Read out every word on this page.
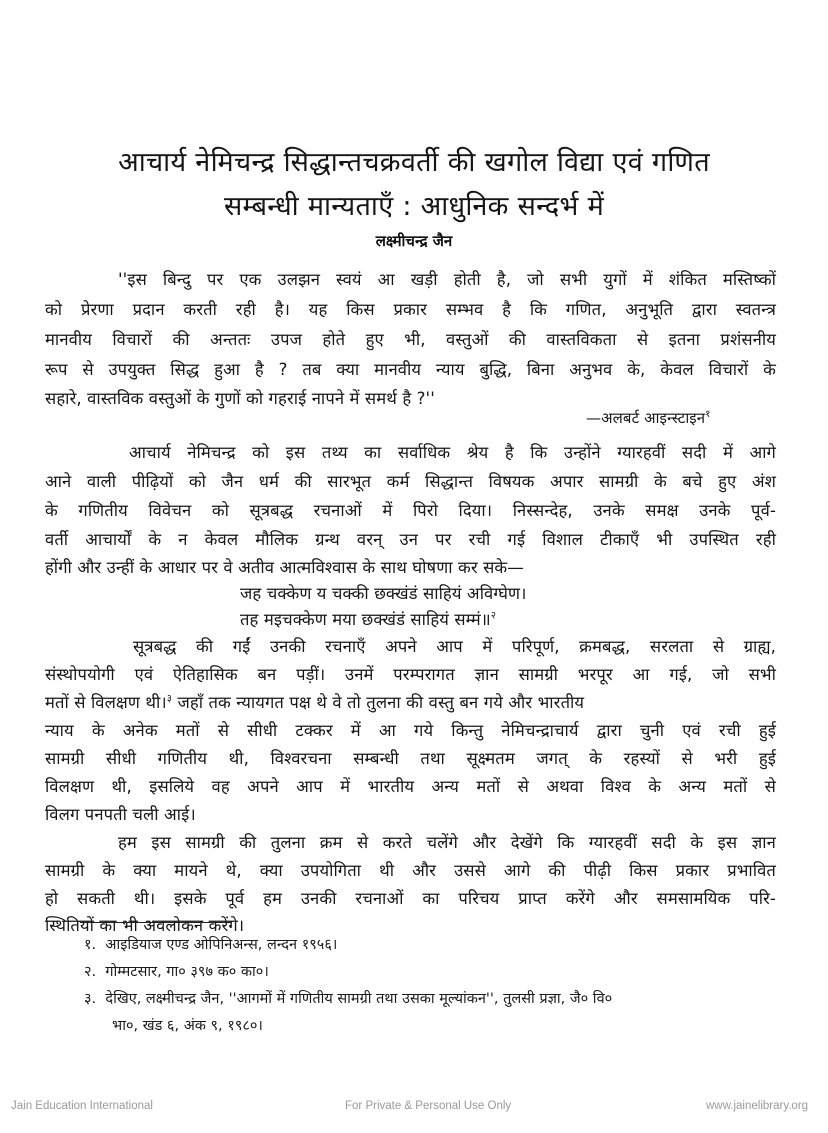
आचार्य नेमिचन्द्र सिद्धान्तचक्रवर्ती की खगोल विद्या एवं गणित
सम्बन्धी मान्यताएँ : आधुनिक सन्दर्भ में
लक्ष्मीचन्द्र जैन
''इस बिन्दु पर एक उलझन स्वयं आ खड़ी होती है, जो सभी युगों में शंकित मस्तिष्कों
को प्रेरणा प्रदान करती रही है। यह किस प्रकार सम्भव है कि गणित, अनुभूति द्वारा स्वतन्त्र
मानवीय विचारों की अन्ततः उपज होते हुए भी, वस्तुओं की वास्तविकता से इतना प्रशंसनीय
रूप से उपयुक्त सिद्ध हुआ है ? तब क्या मानवीय न्याय बुद्धि, बिना अनुभव के, केवल विचारों के
सहारे, वास्तविक वस्तुओं के गुणों को गहराई नापने में समर्थ है ?''
—अलबर्ट आइन्स्टाइन$^१$
आचार्य नेमिचन्द्र को इस तथ्य का सर्वाधिक श्रेय है कि उन्होंने ग्यारहवीं सदी में आगे
आने वाली पीढ़ियों को जैन धर्म की सारभूत कर्म सिद्धान्त विषयक अपार सामग्री के बचे हुए अंश
के गणितीय विवेचन को सूत्रबद्ध रचनाओं में पिरो दिया। निस्सन्देह, उनके समक्ष उनके पूर्व-
वर्ती आचार्यों के न केवल मौलिक ग्रन्थ वरन् उन पर रची गई विशाल टीकाएँ भी उपस्थित रही
होंगी और उन्हीं के आधार पर वे अतीव आत्मविश्वास के साथ घोषणा कर सके—
जह चक्केण य चक्की छक्खंडं साहियं अविग्घेण।
तह मइचक्केण मया छक्खंडं साहियं सम्मं॥$^२$
सूत्रबद्ध की गईं उनकी रचनाएँ अपने आप में परिपूर्ण, क्रमबद्ध, सरलता से ग्राह्य,
संस्थोपयोगी एवं ऐतिहासिक बन पड़ीं। उनमें परम्परागत ज्ञान सामग्री भरपूर आ गई, जो सभी
मतों से विलक्षण थी।$^३$ जहाँ तक न्यायगत पक्ष थे वे तो तुलना की वस्तु बन गये और भारतीय
न्याय के अनेक मतों से सीधी टक्कर में आ गये किन्तु नेमिचन्द्राचार्य द्वारा चुनी एवं रची हुई
सामग्री सीधी गणितीय थी, विश्वरचना सम्बन्धी तथा सूक्ष्मतम जगत् के रहस्यों से भरी हुई
विलक्षण थी, इसलिये वह अपने आप में भारतीय अन्य मतों से अथवा विश्व के अन्य मतों से
विलग पनपती चली आई।
हम इस सामग्री की तुलना क्रम से करते चलेंगे और देखेंगे कि ग्यारहवीं सदी के इस ज्ञान
सामग्री के क्या मायने थे, क्या उपयोगिता थी और उससे आगे की पीढ़ी किस प्रकार प्रभावित
हो सकती थी। इसके पूर्व हम उनकी रचनाओं का परिचय प्राप्त करेंगे और समसामयिक परि-
स्थितियों का भी अवलोकन करेंगे।
१. आइडियाज एण्ड ओपिनिअन्स, लन्दन १९५६।
२. गोम्मटसार, गा० ३९७ क० का०।
३. देखिए, लक्ष्मीचन्द्र जैन, ''आगमों में गणितीय सामग्री तथा उसका मूल्यांकन'', तुलसी प्रज्ञा, जै० वि०
भा०, खंड ६, अंक ९, १९८०।
Jain Education International	For Private & Personal Use Only	www.jainelibrary.org
